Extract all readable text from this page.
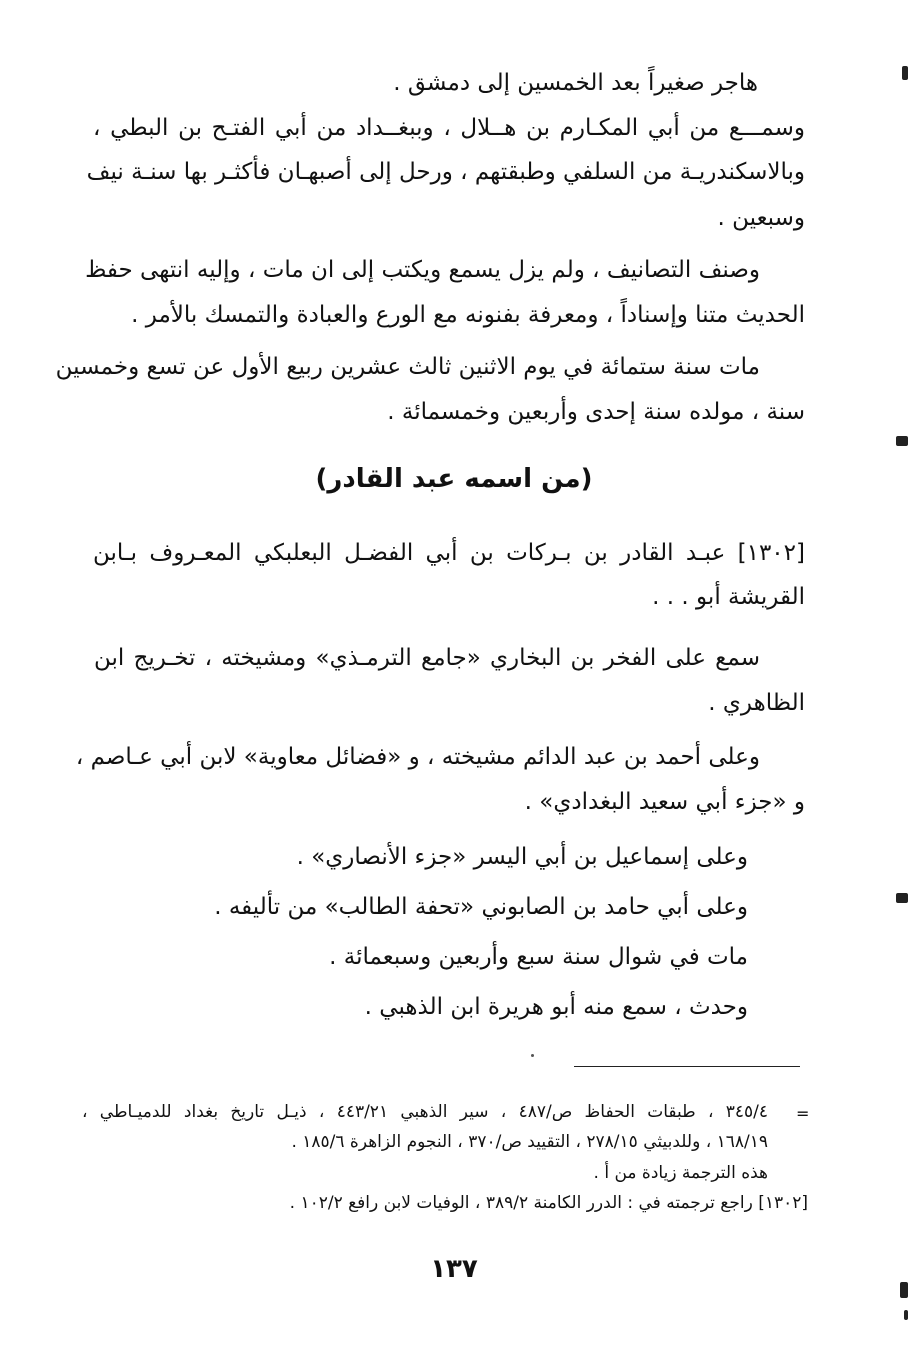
هاجر صغيراً بعد الخمسين إلى دمشق .
وسمـــع من أبي المكـارم بن هــلال ، وببغــداد من أبي الفتـح بن البطي ،
وبالاسكندريـة من السلفي وطبقتهم ، ورحل إلى أصبهـان فأكثـر بها سنـة نيف
وسبعين .
وصنف التصانيف ، ولم يزل يسمع ويكتب إلى ان مات ، وإليه انتهى حفظ
الحديث متنا وإسناداً ، ومعرفة بفنونه مع الورع والعبادة والتمسك بالأمر .
مات سنة ستمائة في يوم الاثنين ثالث عشرين ربيع الأول عن تسع وخمسين
سنة ، مولده سنة إحدى وأربعين وخمسمائة .
(من اسمه عبد القادر)
[١٣٠٢] عبـد القادر بن بـركات بن أبي الفضـل البعلبكي المعـروف بـابن
القريشة أبو . . .
سمع على الفخر بن البخاري «جامع الترمـذي» ومشيخته ، تخـريج ابن
الظاهري .
وعلى أحمد بن عبد الدائم مشيخته ، و «فضائل معاوية» لابن أبي عـاصم ،
و «جزء أبي سعيد البغدادي» .
وعلى إسماعيل بن أبي اليسر «جزء الأنصاري» .
وعلى أبي حامد بن الصابوني «تحفة الطالب» من تأليفه .
مات في شوال سنة سبع وأربعين وسبعمائة .
وحدث ، سمع منه أبو هريرة ابن الذهبي .
=
٣٤٥/٤ ، طبقات الحفاظ ص/٤٨٧ ، سير الذهبي ٤٤٣/٢١ ، ذيـل تاريخ بغداد للدميـاطي ،
١٦٨/١٩ ، وللدبيثي ٢٧٨/١٥ ، التقييد ص/٣٧٠ ، النجوم الزاهرة ١٨٥/٦ .
هذه الترجمة زيادة من أ .
[١٣٠٢] راجع ترجمته في : الدرر الكامنة ٣٨٩/٢ ، الوفيات لابن رافع ١٠٢/٢ .
١٣٧
